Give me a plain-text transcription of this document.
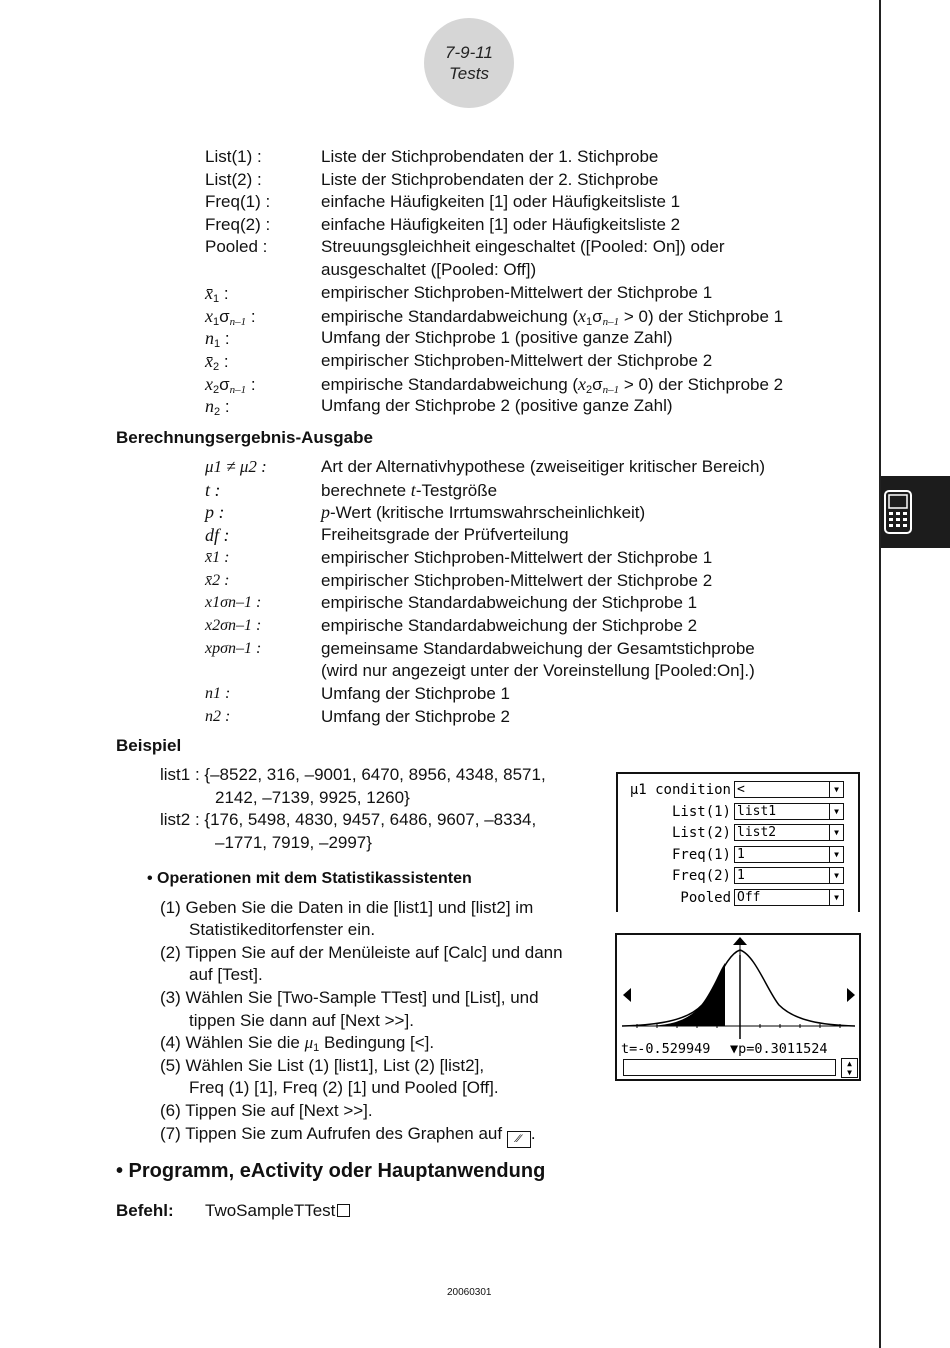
7-9-11
Tests
List(1) :	Liste der Stichprobendaten der 1. Stichprobe
List(2) :	Liste der Stichprobendaten der 2. Stichprobe
Freq(1) :	einfache Häufigkeiten [1] oder Häufigkeitsliste 1
Freq(2) :	einfache Häufigkeiten [1] oder Häufigkeitsliste 2
Pooled :	Streuungsgleichheit eingeschaltet ([Pooled: On]) oder
ausgeschaltet ([Pooled: Off])
$x̄_1$ :	empirischer Stichproben-Mittelwert der Stichprobe 1
$x_1\sigma_{n-1}$ :	empirische Standardabweichung $(x_1\sigma_{n-1} > 0)$ der Stichprobe 1
$n_1$ :	Umfang der Stichprobe 1 (positive ganze Zahl)
$x̄_2$ :	empirischer Stichproben-Mittelwert der Stichprobe 2
$x_2\sigma_{n-1}$ :	empirische Standardabweichung $(x_2\sigma_{n-1} > 0)$ der Stichprobe 2
$n_2$ :	Umfang der Stichprobe 2 (positive ganze Zahl)
Berechnungsergebnis-Ausgabe
μ1 ≠ μ2 :	Art der Alternativhypothese (zweiseitiger kritischer Bereich)
t :	berechnete t-Testgröße
p :	p-Wert (kritische Irrtumswahrscheinlichkeit)
df :	Freiheitsgrade der Prüfverteilung
x̄1 :	empirischer Stichproben-Mittelwert der Stichprobe 1
x̄2 :	empirischer Stichproben-Mittelwert der Stichprobe 2
x1σn–1 :	empirische Standardabweichung der Stichprobe 1
x2σn–1 :	empirische Standardabweichung der Stichprobe 2
xpσn–1 :	gemeinsame Standardabweichung der Gesamtstichprobe
(wird nur angezeigt unter der Voreinstellung [Pooled:On].)
n1 :	Umfang der Stichprobe 1
n2 :	Umfang der Stichprobe 2
Beispiel
list1 : {–8522, 316, –9001, 6470, 8956, 4348, 8571,
2142, –7139, 9925, 1260}
list2 : {176, 5498, 4830, 9457, 6486, 9607, –8334,
–1771, 7919, –2997}
• Operationen mit dem Statistikassistenten
(1) Geben Sie die Daten in die [list1] und [list2] im
Statistikeditorfenster ein.
(2) Tippen Sie auf der Menüleiste auf [Calc] und dann
auf [Test].
(3) Wählen Sie [Two-Sample TTest] und [List], und
tippen Sie dann auf [Next >>].
(4) Wählen Sie die $\mu_1$ Bedingung [<].
(5) Wählen Sie List (1) [list1], List (2) [list2],
Freq (1) [1], Freq (2) [1] und Pooled [Off].
(6) Tippen Sie auf [Next >>].
(7) Tippen Sie zum Aufrufen des Graphen auf ⁄⁄ .
μ1 condition <	▼
List(1) list1	▼
List(2) list2	▼
Freq(1) 1	▼
Freq(2) 1	▼
Pooled Off	▼
t=-0.529949 ▼p=0.3011524
▲
▼
• Programm, eActivity oder Hauptanwendung
Befehl: TwoSampleTTest
20060301
